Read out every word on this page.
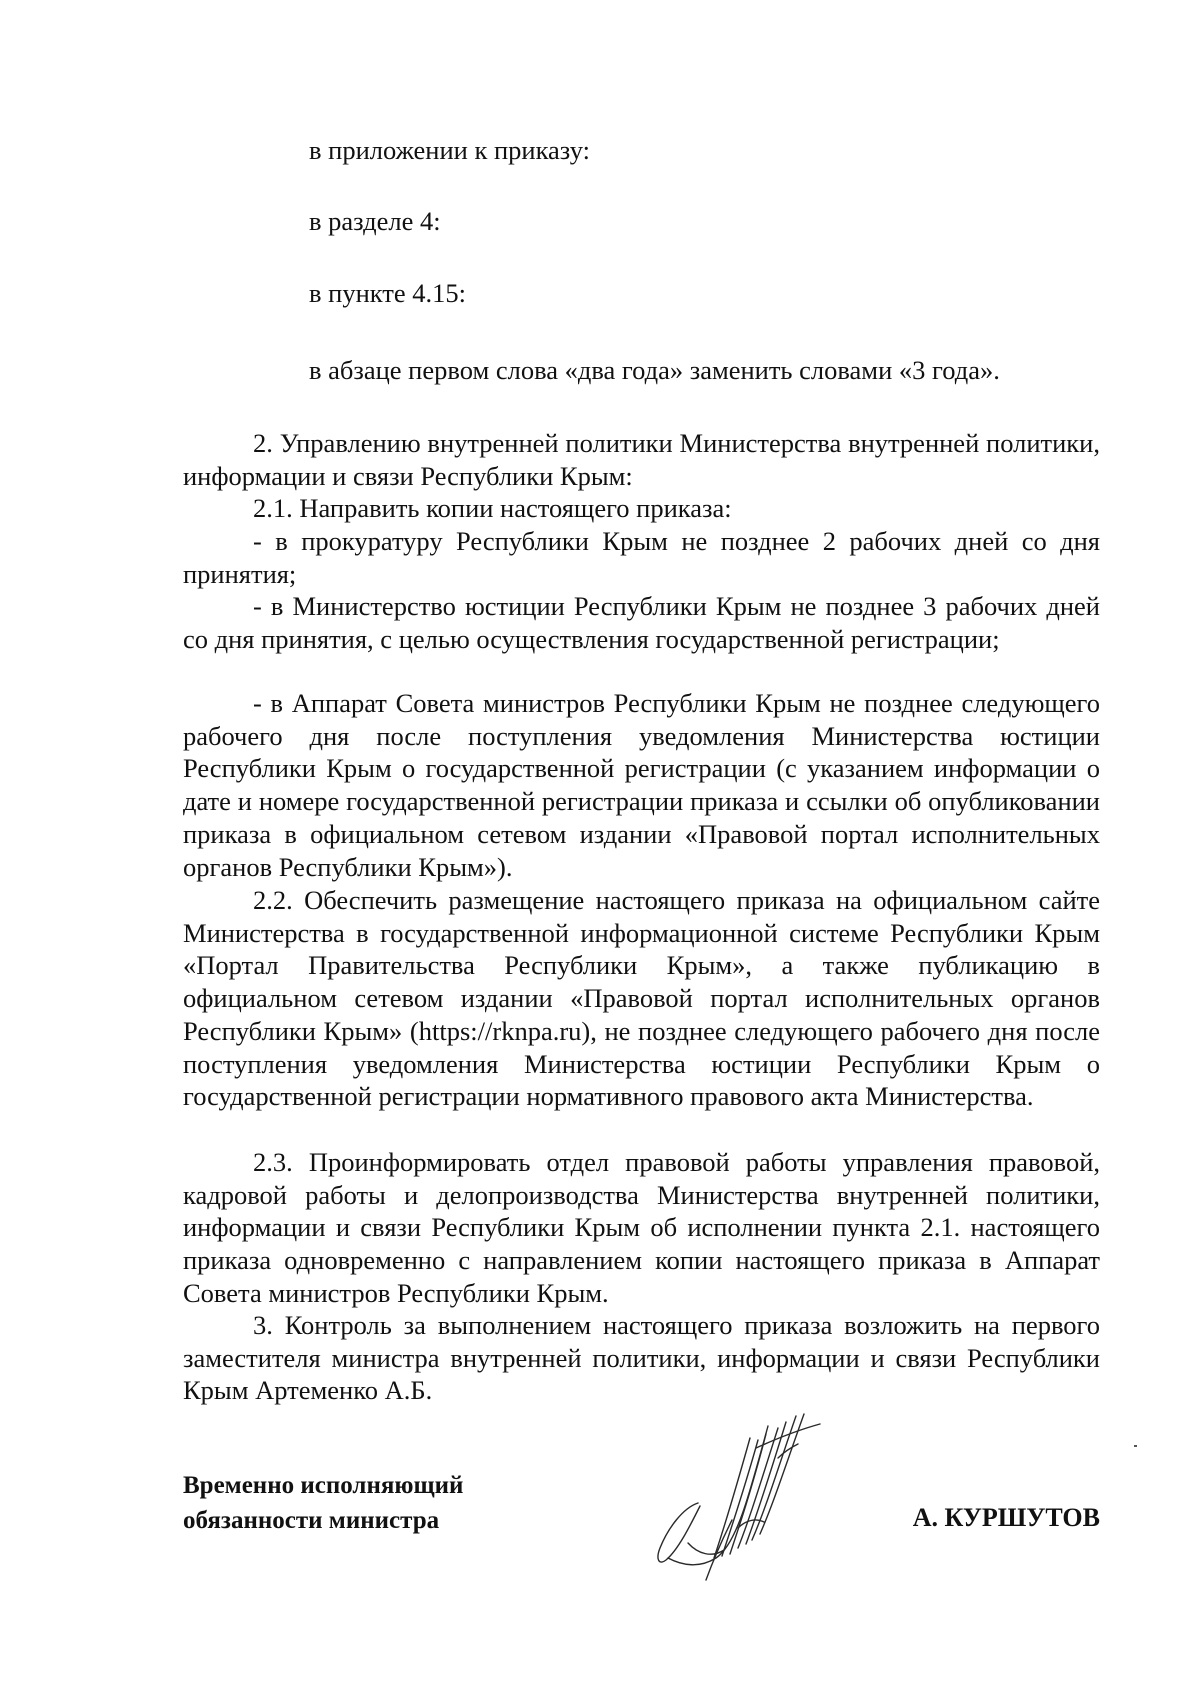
в приложении к приказу:
в разделе 4:
в пункте 4.15:
в абзаце первом слова «два года» заменить словами «3 года».

2. Управлению внутренней политики Министерства внутренней политики, информации и связи Республики Крым:

2.1. Направить копии настоящего приказа:

- в прокуратуру Республики Крым не позднее 2 рабочих дней со дня принятия;

- в Министерство юстиции Республики Крым не позднее 3 рабочих дней со дня принятия, с целью осуществления государственной регистрации;

- в Аппарат Совета министров Республики Крым не позднее следующего рабочего дня после поступления уведомления Министерства юстиции Республики Крым о государственной регистрации (с указанием информации о дате и номере государственной регистрации приказа и ссылки об опубликовании приказа в официальном сетевом издании «Правовой портал исполнительных органов Республики Крым»).

2.2. Обеспечить размещение настоящего приказа на официальном сайте Министерства в государственной информационной системе Республики Крым «Портал Правительства Республики Крым», а также публикацию в официальном сетевом издании «Правовой портал исполнительных органов Республики Крым» (https://rknpa.ru), не позднее следующего рабочего дня после поступления уведомления Министерства юстиции Республики Крым о государственной регистрации нормативного правового акта Министерства.

2.3. Проинформировать отдел правовой работы управления правовой, кадровой работы и делопроизводства Министерства внутренней политики, информации и связи Республики Крым об исполнении пункта 2.1. настоящего приказа одновременно с направлением копии настоящего приказа в Аппарат Совета министров Республики Крым.

3. Контроль за выполнением настоящего приказа возложить на первого заместителя министра внутренней политики, информации и связи Республики Крым Артеменко А.Б.

Временно исполняющий
обязанности министра	А. КУРШУТОВ
